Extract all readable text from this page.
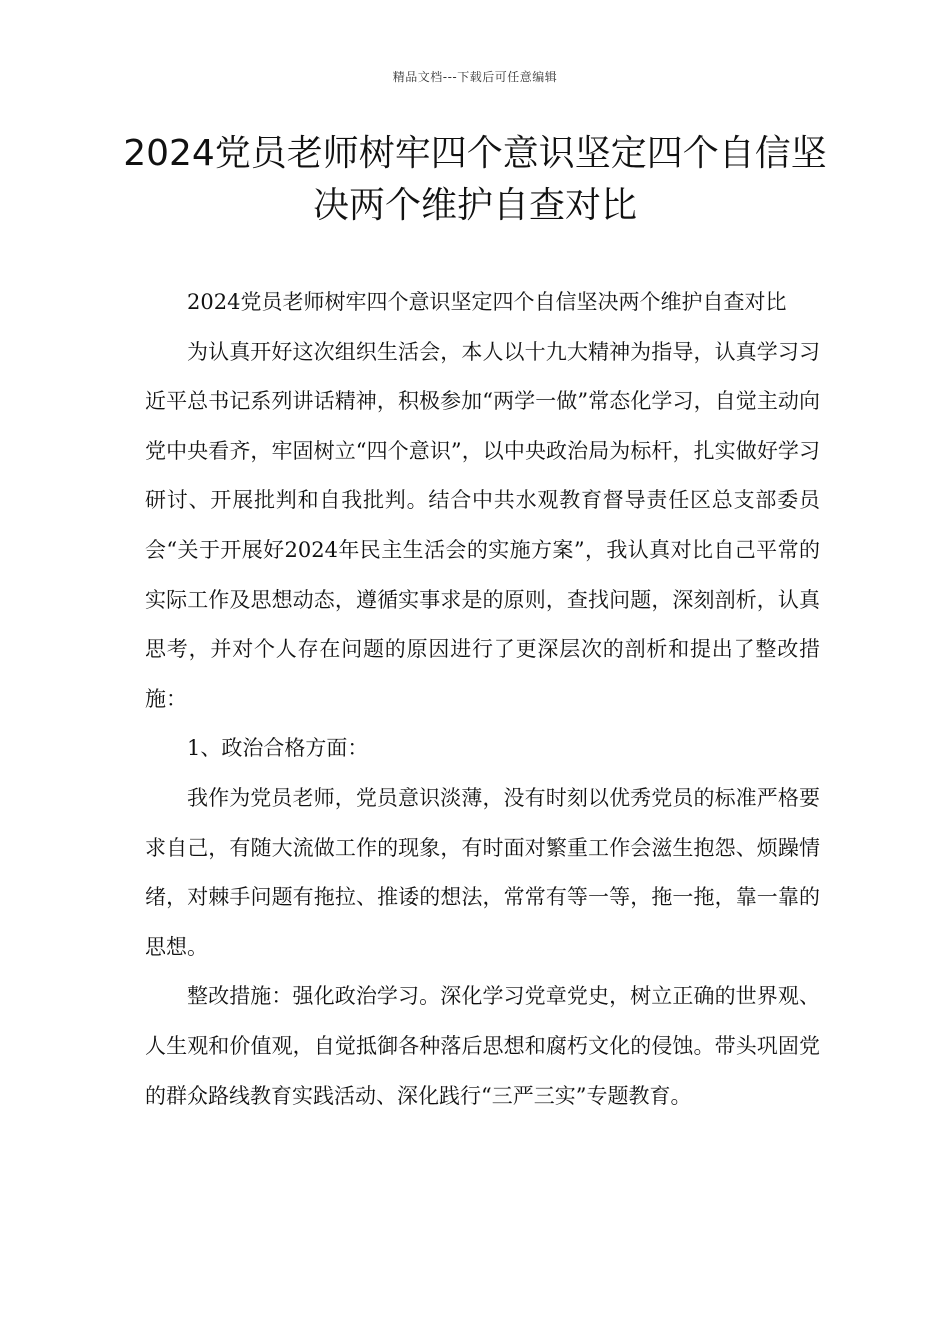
精品文档---下载后可任意编辑
2024党员老师树牢四个意识坚定四个自信坚决两个维护自查对比

2024党员老师树牢四个意识坚定四个自信坚决两个维护自查对比

为认真开好这次组织生活会，本人以十九大精神为指导，认真学习习近平总书记系列讲话精神，积极参加“两学一做”常态化学习，自觉主动向党中央看齐，牢固树立“四个意识”，以中央政治局为标杆，扎实做好学习研讨、开展批判和自我批判。结合中共水观教育督导责任区总支部委员会“关于开展好2024年民主生活会的实施方案”，我认真对比自己平常的实际工作及思想动态，遵循实事求是的原则，查找问题，深刻剖析，认真思考，并对个人存在问题的原因进行了更深层次的剖析和提出了整改措施：

1、政治合格方面：

我作为党员老师，党员意识淡薄，没有时刻以优秀党员的标准严格要求自己，有随大流做工作的现象，有时面对繁重工作会滋生抱怨、烦躁情绪，对棘手问题有拖拉、推诿的想法，常常有等一等，拖一拖，靠一靠的思想。

整改措施：强化政治学习。深化学习党章党史，树立正确的世界观、人生观和价值观，自觉抵御各种落后思想和腐朽文化的侵蚀。带头巩固党的群众路线教育实践活动、深化践行“三严三实”专题教育。
